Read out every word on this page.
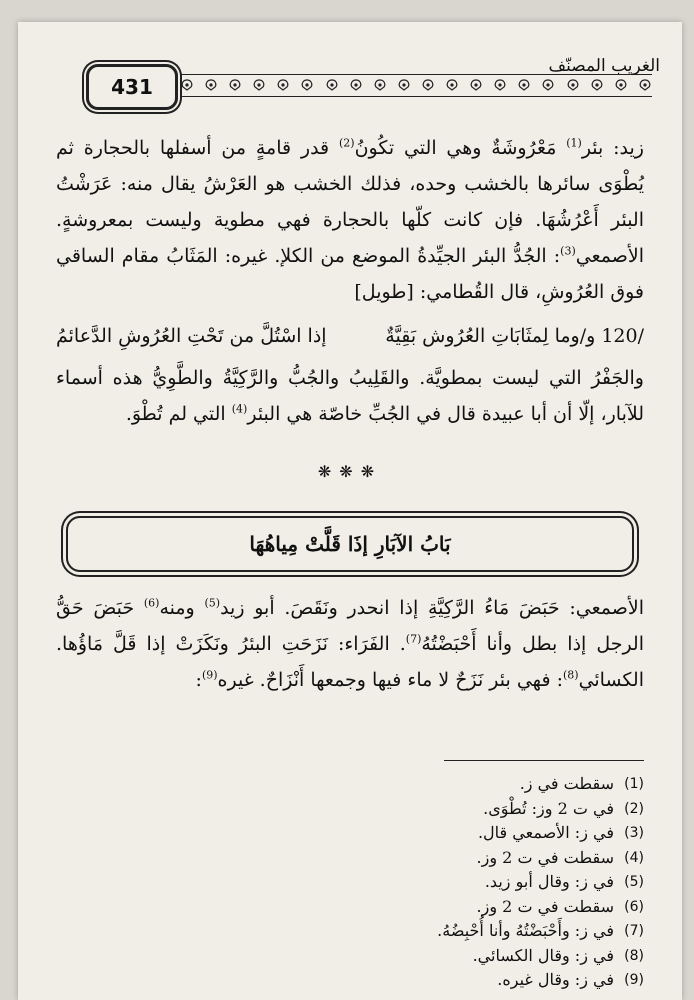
431
الغريب المصنّف

زيد: بئر$^{(1)}$ مَعْرُوشَةٌ وهي التي تكُونُ$^{(2)}$ قدر قامةٍ من أسفلها بالحجارة ثم يُطْوَى سائرها بالخشب وحده، فذلك الخشب هو العَرْشُ يقال منه: عَرَشْتُ البئر أَعْرُشُهَا. فإن كانت كلّها بالحجارة فهي مطوية وليست بمعروشةٍ. الأصمعي$^{(3)}$: الجُدُّ البئر الجيِّدةُ الموضع من الكلإ. غيره: المَثَابُ مقام الساقي فوق العُرُوشِ، قال القُطامي: [طويل]

/120 و/وما لِمثَابَاتِ العُرُوش بَقِيَّةٌ
إذا اسْتُلَّ من تَحْتِ العُرُوشِ الدَّعائمُ

والجَفْرُ التي ليست بمطويَّة. والقَلِيبُ والجُبُّ والرَّكِيَّةُ والطَّوِيُّ هذه أسماء للآبار، إلّا أن أبا عبيدة قال في الجُبِّ خاصّة هي البئر$^{(4)}$ التي لم تُطْوَ.

❋❋❋
بَابُ الآبَارِ إذَا قَلَّتْ مِياهُهَا

الأصمعي: حَبَضَ مَاءُ الرَّكِيَّةِ إذا انحدر ونَقَصَ. أبو زيد$^{(5)}$ ومنه$^{(6)}$ حَبَضَ حَقُّ الرجل إذا بطل وأنا أَحْبَضْتُهُ$^{(7)}$. الفَرَاء: نَزَحَتِ البئرُ ونَكَزَتْ إذا قَلَّ مَاؤُها. الكسائي$^{(8)}$: فهي بئر نَزَحٌ لا ماء فيها وجمعها أَنْزَاحٌ. غيره$^{(9)}$:

(1)
سقطت في ز.
(2)
في ت 2 وز: تُطْوَى.
(3)
في ز: الأصمعي قال.
(4)
سقطت في ت 2 وز.
(5)
في ز: وقال أبو زيد.
(6)
سقطت في ت 2 وز.
(7)
في ز: وأَحْبَضْتُهُ وأنا أُحْبِضُهُ.
(8)
في ز: وقال الكسائي.
(9)
في ز: وقال غيره.
